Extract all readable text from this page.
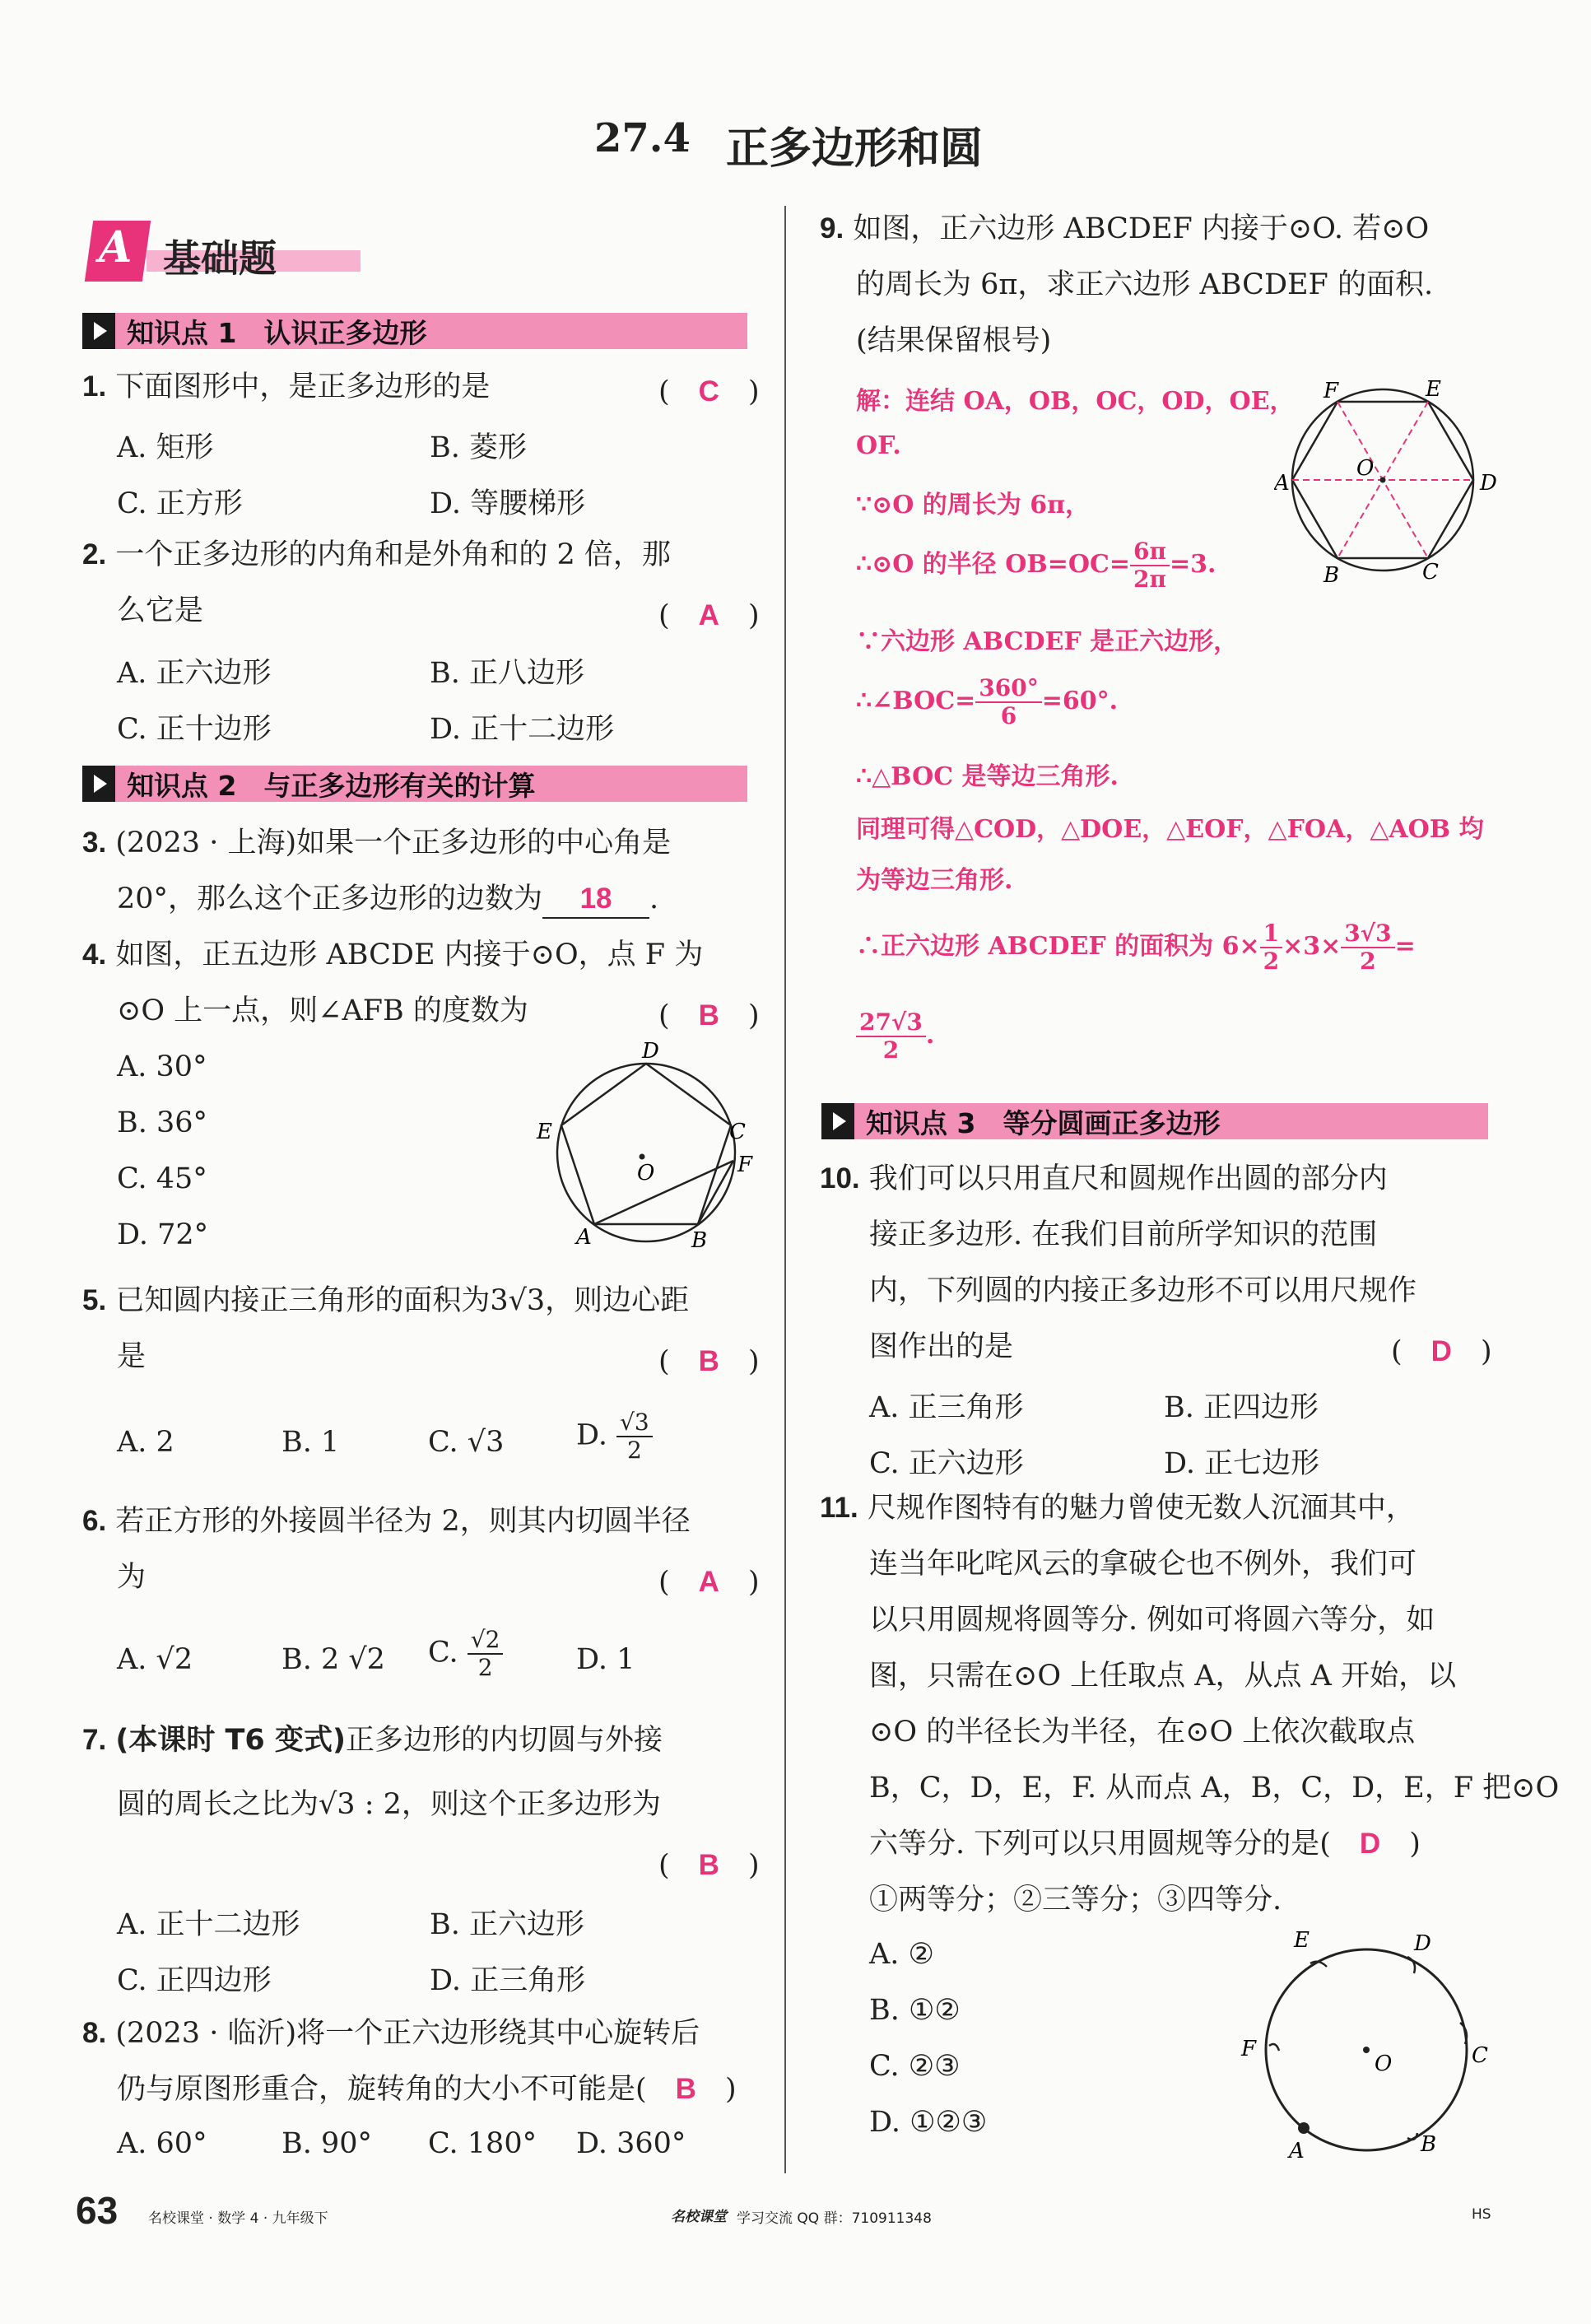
27.4 正多边形和圆
A 基础题
知识点 1　认识正多边形
知识点 2　与正多边形有关的计算
知识点 3　等分圆画正多边形
1. 下面图形中，是正多边形的是	(　C　)
A. 矩形	B. 菱形
C. 正方形	D. 等腰梯形
2. 一个正多边形的内角和是外角和的 2 倍，那
么它是	(　A　)
A. 正六边形	B. 正八边形
C. 正十边形	D. 正十二边形
3. (2023 · 上海)如果一个正多边形的中心角是
20°，那么这个正多边形的边数为 18 .
4. 如图，正五边形 ABCDE 内接于⊙O，点 F 为
⊙O 上一点，则∠AFB 的度数为	(　B　)
A. 30°
B. 36°
C. 45°
D. 72°
D
E	C
F
O
A	B
5. 已知圆内接正三角形的面积为3√3，则边心距
是	(　B　)
A. 2	B. 1	C. √3	D. $\frac{√3}{2}$
6. 若正方形的外接圆半径为 2，则其内切圆半径
为	(　A　)
A. √2	B. 2 √2 C. $\frac{√2}{2}$	D. 1
7. (本课时 T6 变式)正多边形的内切圆与外接
圆的周长之比为√3 : 2，则这个正多边形为
(　B　)
A. 正十二边形	B. 正六边形
C. 正四边形	D. 正三角形
8. (2023 · 临沂)将一个正六边形绕其中心旋转后
仍与原图形重合，旋转角的大小不可能是(　B　)
A. 60°	B. 90° C. 180° D. 360°
9. 如图，正六边形 ABCDEF 内接于⊙O. 若⊙O
的周长为 6π，求正六边形 ABCDEF 的面积.
(结果保留根号)
解：连结 OA，OB，OC，OD，OE，
OF.
∵⊙O 的周长为 6π，
∴⊙O 的半径 $OB=OC= \frac{6\pi}{2\pi} =3$.
∵六边形 ABCDEF 是正六边形，
∴∠BOC= $\frac{360^\circ}{6} =60^\circ$.
∴△BOC 是等边三角形.
同理可得△COD，△DOE，△EOF，△FOA，△AOB 均
为等边三角形.
∴正六边形 ABCDEF 的面积为 $6\times \frac{1}{2} \times 3\times \frac{3√3}{2}$ =
$\frac{27√3}{2}$ .
F	E
A	D
O
B	C
10. 我们可以只用直尺和圆规作出圆的部分内
接正多边形. 在我们目前所学知识的范围
内，下列圆的内接正多边形不可以用尺规作
图作出的是	(　D　)
A. 正三角形	B. 正四边形
C. 正六边形	D. 正七边形
11. 尺规作图特有的魅力曾使无数人沉湎其中，
连当年叱咤风云的拿破仑也不例外，我们可
以只用圆规将圆等分. 例如可将圆六等分，如
图，只需在⊙O 上任取点 A，从点 A 开始，以
⊙O 的半径长为半径，在⊙O 上依次截取点
B，C，D，E，F. 从而点 A，B，C，D，E，F 把⊙O
六等分. 下列可以只用圆规等分的是(　D　)
①两等分；②三等分；③四等分.
A. ②
B. ①②
C. ②③
D. ①②③
E	D
F
O	C
A	B
63 名校课堂 · 数学 4 · 九年级下	名校课堂 学习交流 QQ 群：710911348	HS
